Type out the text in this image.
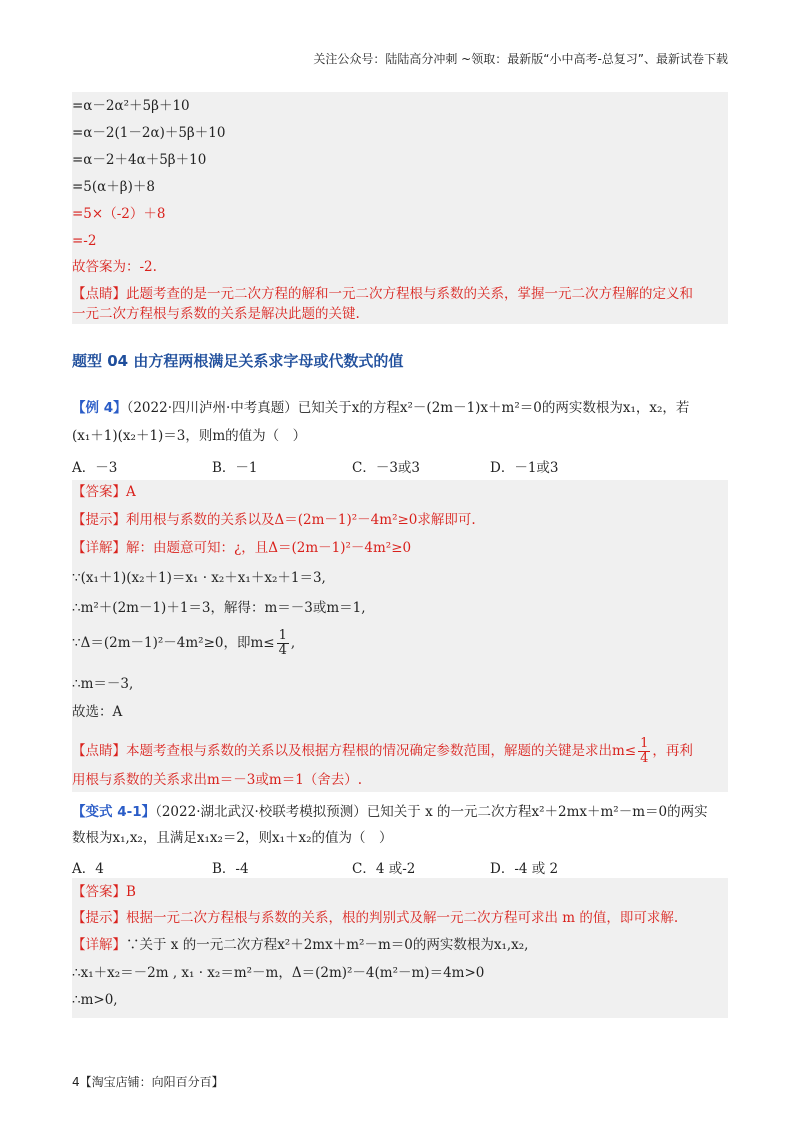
关注公众号：陆陆高分冲刺 ~领取：最新版“小中高考-总复习”、最新试卷下载
=α－2α²＋5β＋10
=α－2(1－2α)＋5β＋10
=α－2＋4α＋5β＋10
=5(α＋β)＋8
=5×（-2）＋8
=-2
故答案为：-2.
【点睛】此题考查的是一元二次方程的解和一元二次方程根与系数的关系，掌握一元二次方程解的定义和
一元二次方程根与系数的关系是解决此题的关键.
题型 04 由方程两根满足关系求字母或代数式的值
【例 4】（2022·四川泸州·中考真题）已知关于x的方程x²－(2m－1)x＋m²＝0的两实数根为x₁，x₂，若
(x₁＋1)(x₂＋1)＝3，则m的值为（　）
A．－3	B．－1	C．－3或3	D．－1或3
【答案】A
【提示】利用根与系数的关系以及Δ＝(2m－1)²－4m²≥0求解即可.
【详解】解：由题意可知：¿，且Δ＝(2m－1)²－4m²≥0
∵(x₁＋1)(x₂＋1)＝x₁ · x₂＋x₁＋x₂＋1＝3,
∴m²＋(2m－1)＋1＝3，解得：m＝－3或m＝1,
∵Δ＝(2m－1)²－4m²≥0，即$m\le \frac{1}{4}$ ,
∴m＝－3,
故选：A
【点睛】本题考查根与系数的关系以及根据方程根的情况确定参数范围，解题的关键是求出$m\le \frac{1}{4}$ ，再利
用根与系数的关系求出m＝－3或m＝1（舍去）.
【变式 4-1】（2022·湖北武汉·校联考模拟预测）已知关于 x 的一元二次方程x²＋2mx＋m²－m＝0的两实
数根为x₁,x₂，且满足x₁x₂＝2，则x₁＋x₂的值为（　）
A．4	B．-4	C．4 或-2	D．-4 或 2
【答案】B
【提示】根据一元二次方程根与系数的关系，根的判别式及解一元二次方程可求出 m 的值，即可求解.
【详解】∵关于 x 的一元二次方程x²＋2mx＋m²－m＝0的两实数根为x₁,x₂,
∴x₁＋x₂＝－2m , x₁ · x₂＝m²－m，Δ＝(2m)²－4(m²－m)＝4m>0
∴m>0,
4【淘宝店铺：向阳百分百】
